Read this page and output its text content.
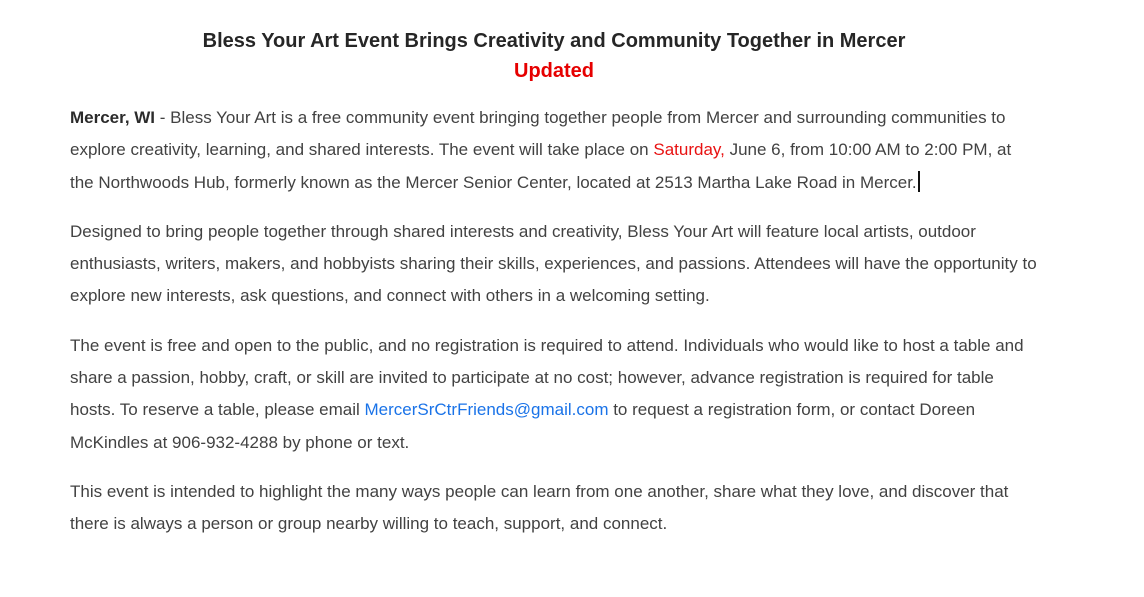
Bless Your Art Event Brings Creativity and Community Together in Mercer
Updated

Mercer, WI - Bless Your Art is a free community event bringing together people from Mercer and surrounding communities to explore creativity, learning, and shared interests. The event will take place on Saturday, June 6, from 10:00 AM to 2:00 PM, at the Northwoods Hub, formerly known as the Mercer Senior Center, located at 2513 Martha Lake Road in Mercer.

Designed to bring people together through shared interests and creativity, Bless Your Art will feature local artists, outdoor enthusiasts, writers, makers, and hobbyists sharing their skills, experiences, and passions. Attendees will have the opportunity to explore new interests, ask questions, and connect with others in a welcoming setting.

The event is free and open to the public, and no registration is required to attend. Individuals who would like to host a table and share a passion, hobby, craft, or skill are invited to participate at no cost; however, advance registration is required for table hosts. To reserve a table, please email MercerSrCtrFriends@gmail.com to request a registration form, or contact Doreen McKindles at 906-932-4288 by phone or text.

This event is intended to highlight the many ways people can learn from one another, share what they love, and discover that there is always a person or group nearby willing to teach, support, and connect.
